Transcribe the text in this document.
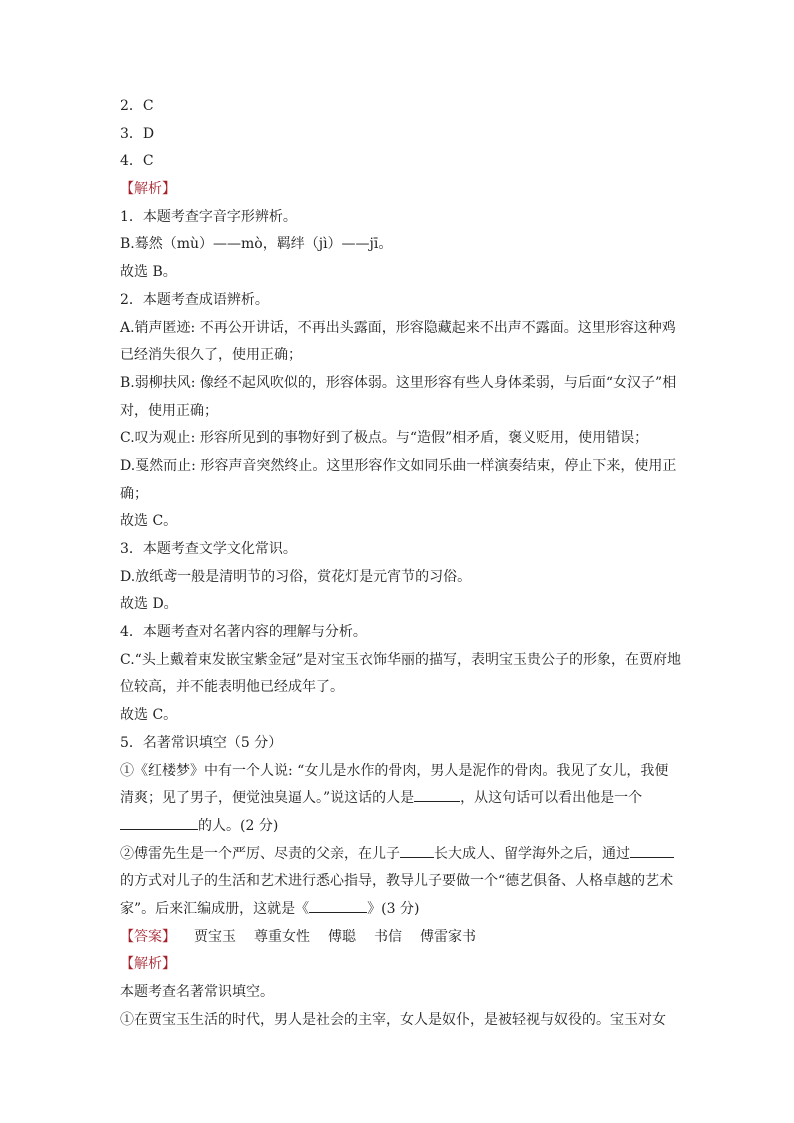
2．C
3．D
4．C
【解析】
1．本题考查字音字形辨析。
B.蓦然（mù）——mò，羁绊（jì）——jī。
故选 B。
2．本题考查成语辨析。
A.销声匿迹: 不再公开讲话，不再出头露面，形容隐藏起来不出声不露面。这里形容这种鸡
已经消失很久了，使用正确；
B.弱柳扶风: 像经不起风吹似的，形容体弱。这里形容有些人身体柔弱，与后面“女汉子”相
对，使用正确；
C.叹为观止: 形容所见到的事物好到了极点。与“造假”相矛盾，褒义贬用，使用错误；
D.戛然而止: 形容声音突然终止。这里形容作文如同乐曲一样演奏结束，停止下来，使用正
确；
故选 C。
3．本题考查文学文化常识。
D.放纸鸢一般是清明节的习俗，赏花灯是元宵节的习俗。
故选 D。
4．本题考查对名著内容的理解与分析。
C.“头上戴着束发嵌宝紫金冠”是对宝玉衣饰华丽的描写，表明宝玉贵公子的形象，在贾府地
位较高，并不能表明他已经成年了。
故选 C。
5．名著常识填空（5 分）
①《红楼梦》中有一个人说: “女儿是水作的骨肉，男人是泥作的骨肉。我见了女儿，我便
清爽；见了男子，便觉浊臭逼人。”说这话的人是	，从这句话可以看出他是一个
的人。(2 分)
②傅雷先生是一个严厉、尽责的父亲，在儿子 长大成人、留学海外之后，通过
的方式对儿子的生活和艺术进行悉心指导，教导儿子要做一个“德艺俱备、人格卓越的艺术
家”。后来汇编成册，这就是《	》(3 分)
【答案】 贾宝玉 尊重女性 傅聪 书信 傅雷家书
【解析】
本题考查名著常识填空。
①在贾宝玉生活的时代，男人是社会的主宰，女人是奴仆，是被轻视与奴役的。宝玉对女
